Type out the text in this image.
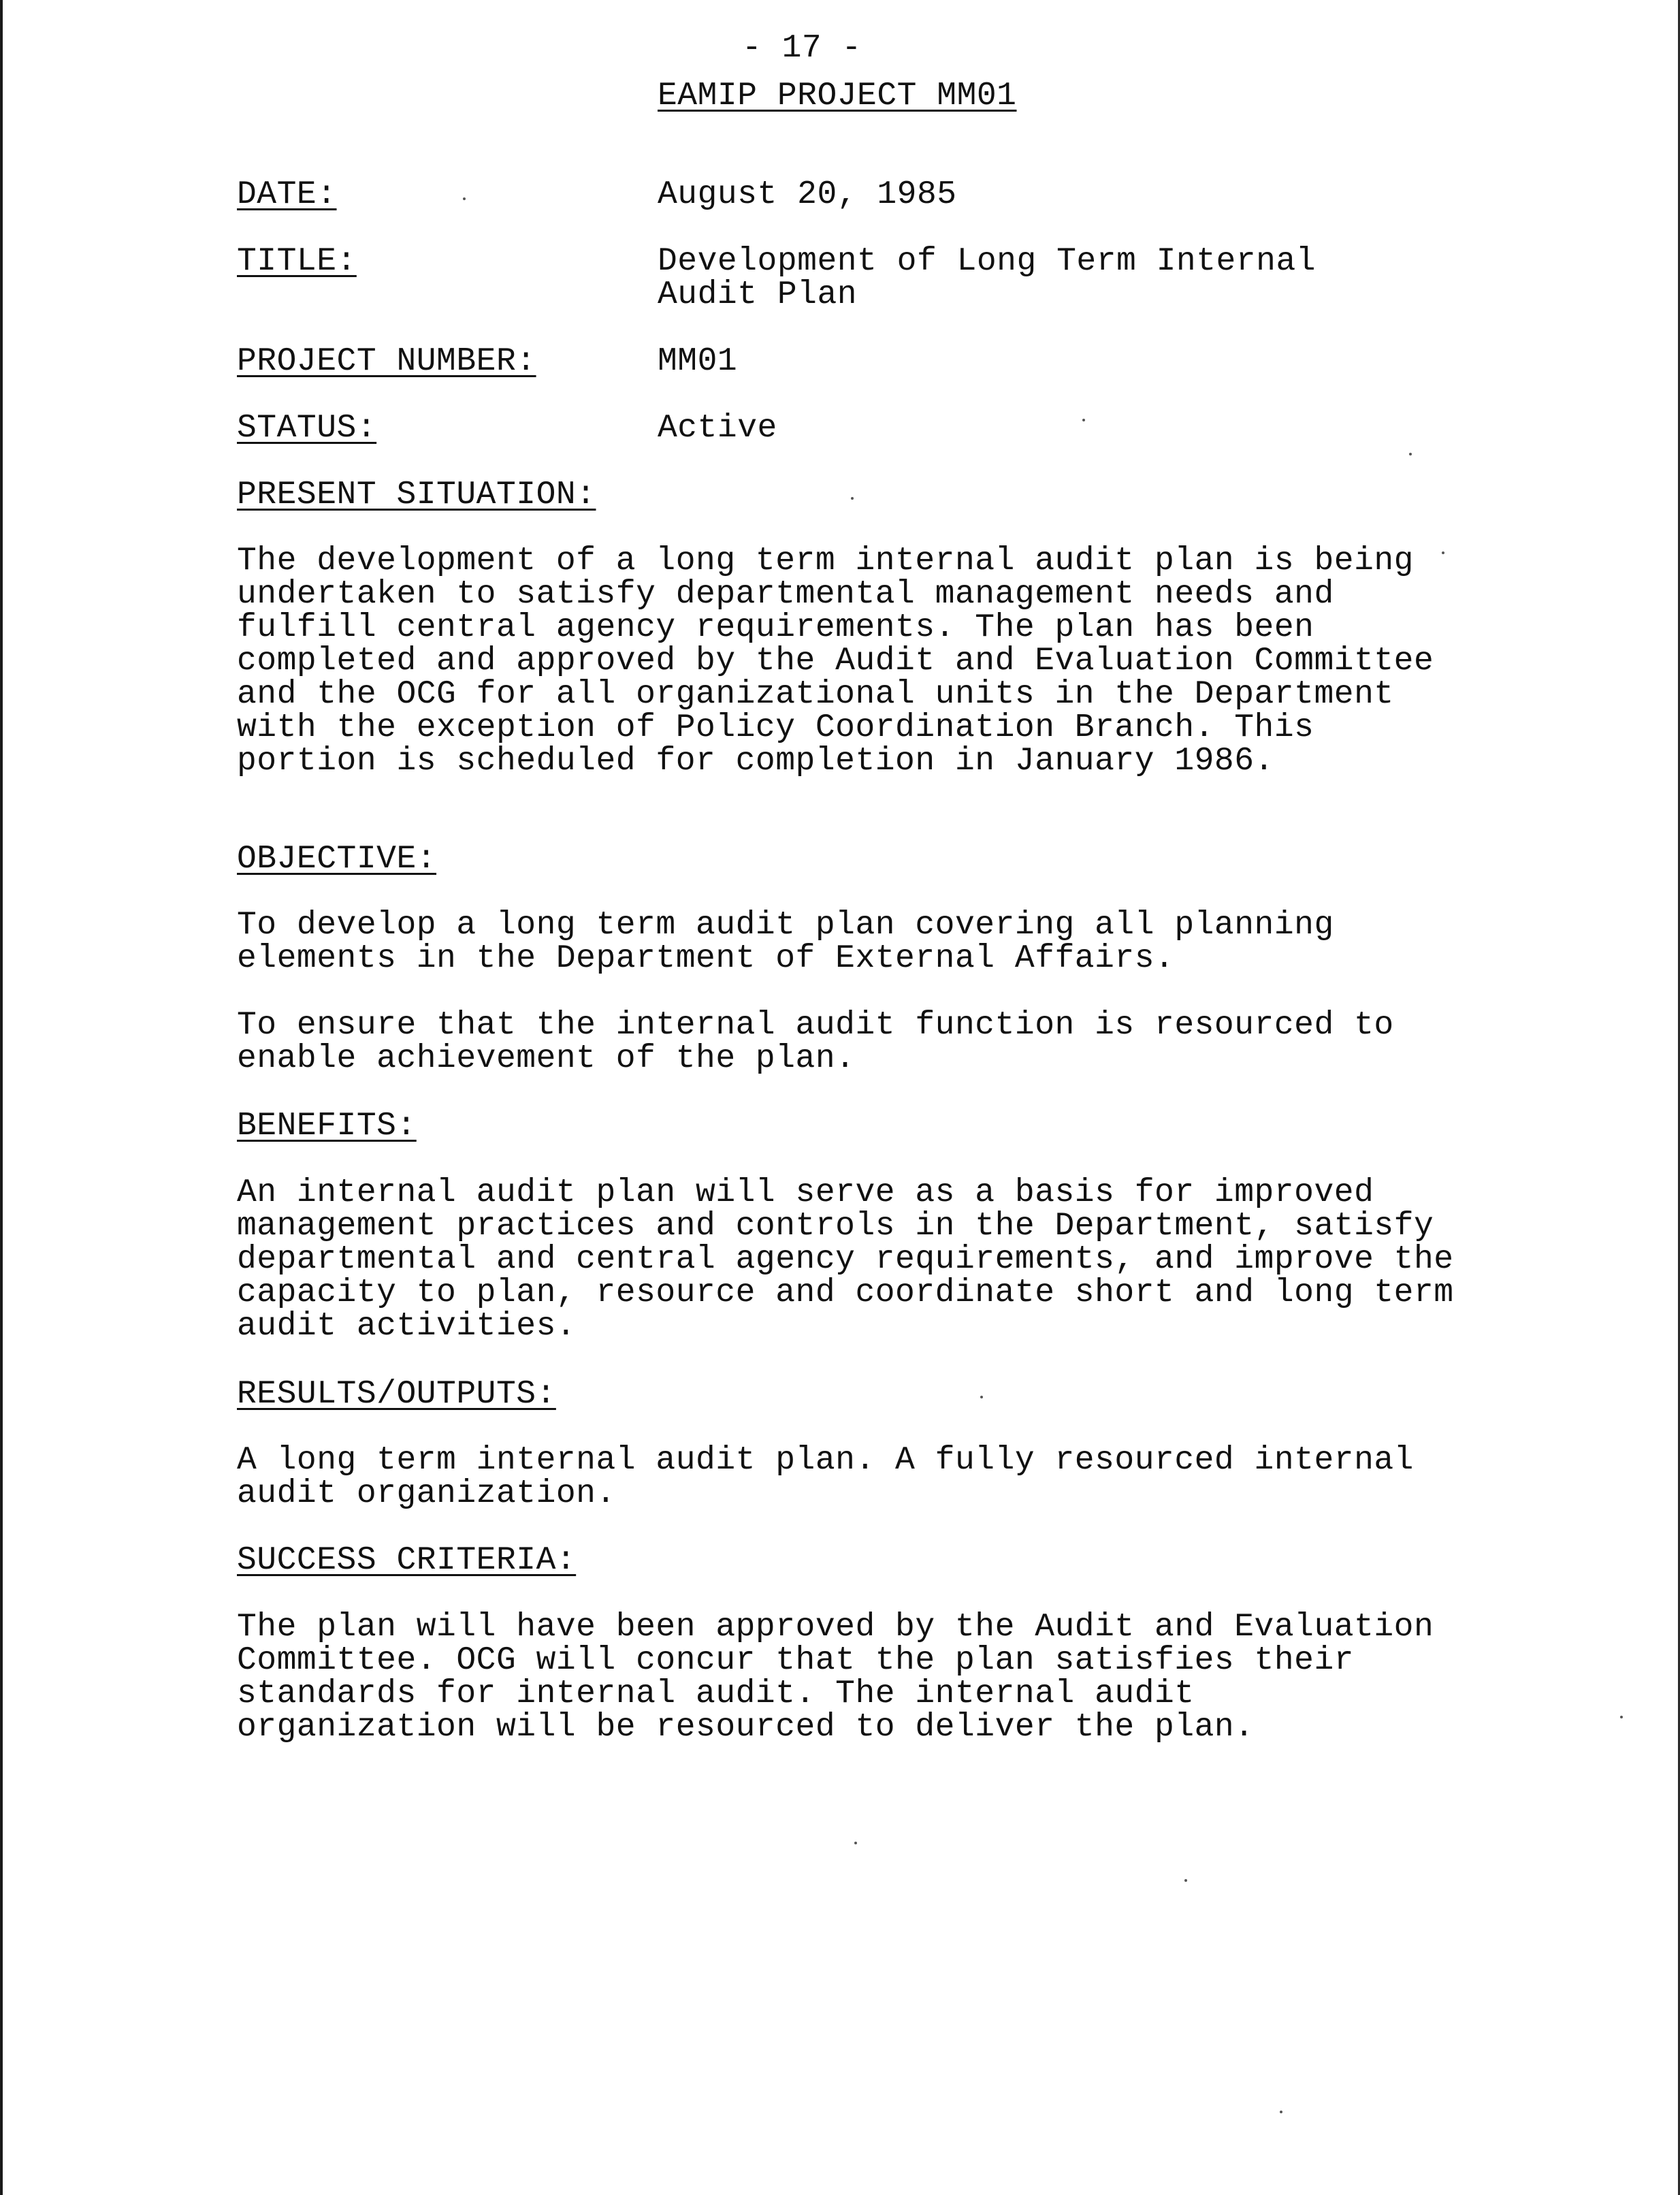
- 17 -
EAMIP PROJECT MM01
DATE:	August 20, 1985
TITLE:	Development of Long Term Internal
Audit Plan
PROJECT NUMBER:	MM01
STATUS:	Active
PRESENT SITUATION:
The development of a long term internal audit plan is being
undertaken to satisfy departmental management needs and
fulfill central agency requirements. The plan has been
completed and approved by the Audit and Evaluation Committee
and the OCG for all organizational units in the Department
with the exception of Policy Coordination Branch. This
portion is scheduled for completion in January 1986.
OBJECTIVE:
To develop a long term audit plan covering all planning
elements in the Department of External Affairs.
To ensure that the internal audit function is resourced to
enable achievement of the plan.
BENEFITS:
An internal audit plan will serve as a basis for improved
management practices and controls in the Department, satisfy
departmental and central agency requirements, and improve the
capacity to plan, resource and coordinate short and long term
audit activities.
RESULTS/OUTPUTS:
A long term internal audit plan. A fully resourced internal
audit organization.
SUCCESS CRITERIA:
The plan will have been approved by the Audit and Evaluation
Committee. OCG will concur that the plan satisfies their
standards for internal audit. The internal audit
organization will be resourced to deliver the plan.
